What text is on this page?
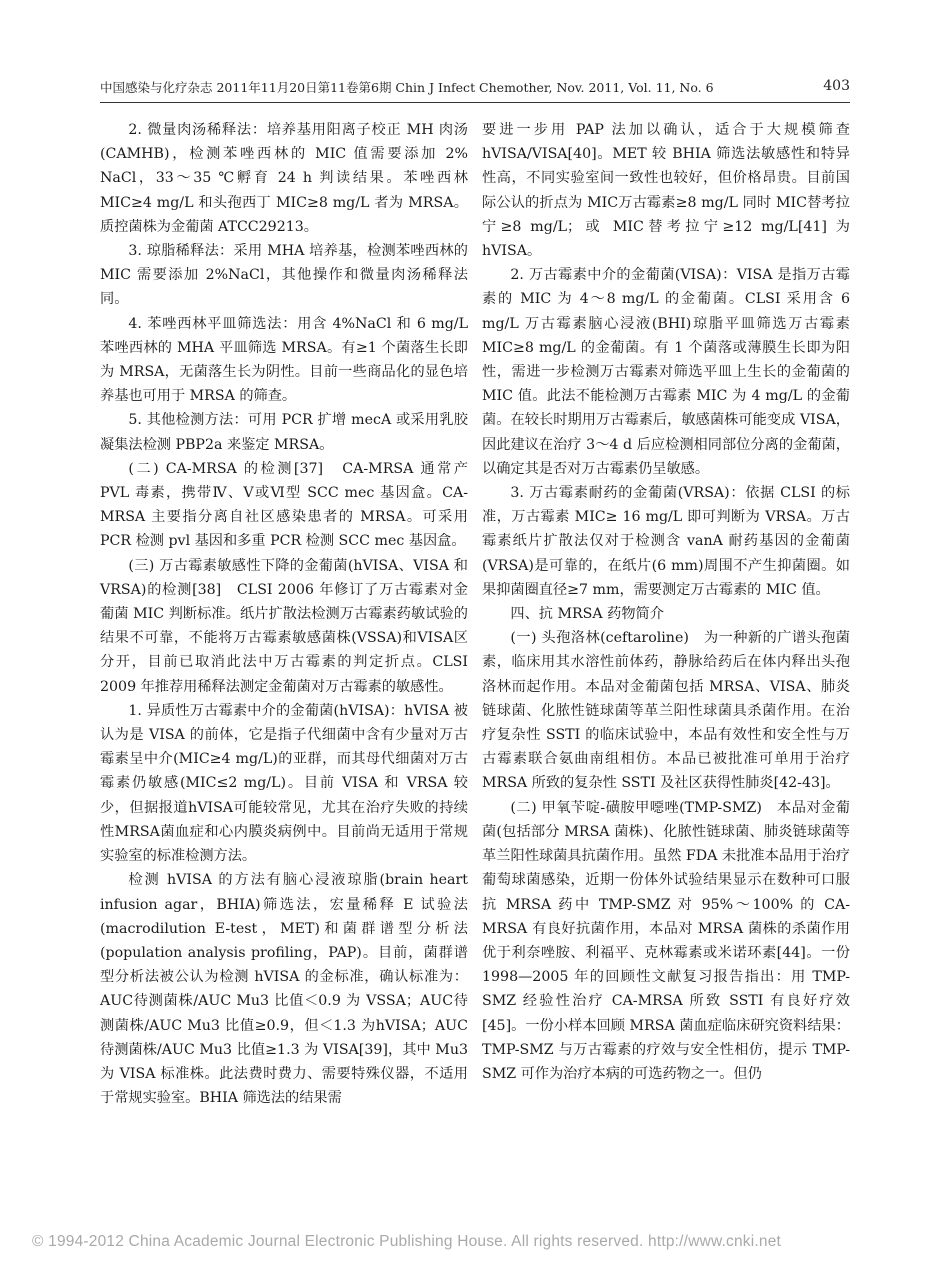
中国感染与化疗杂志 2011年11月20日第11卷第6期 Chin J Infect Chemother, Nov. 2011, Vol. 11, No. 6	403

2. 微量肉汤稀释法：培养基用阳离子校正 MH 肉汤(CAMHB)，检测苯唑西林的 MIC 值需要添加 2% NaCl，33～35 ℃孵育 24 h 判读结果。苯唑西林 MIC≥4 mg/L 和头孢西丁 MIC≥8 mg/L 者为 MRSA。质控菌株为金葡菌 ATCC29213。

3. 琼脂稀释法：采用 MHA 培养基，检测苯唑西林的 MIC 需要添加 2%NaCl，其他操作和微量肉汤稀释法同。

4. 苯唑西林平皿筛选法：用含 4%NaCl 和 6 mg/L 苯唑西林的 MHA 平皿筛选 MRSA。有≥1 个菌落生长即为 MRSA，无菌落生长为阴性。目前一些商品化的显色培养基也可用于 MRSA 的筛查。

5. 其他检测方法：可用 PCR 扩增 mecA 或采用乳胶凝集法检测 PBP2a 来鉴定 MRSA。

(二) CA-MRSA 的检测[37]　CA-MRSA 通常产 PVL 毒素，携带Ⅳ、Ⅴ或Ⅵ型 SCC mec 基因盒。CA-MRSA 主要指分离自社区感染患者的 MRSA。可采用 PCR 检测 pvl 基因和多重 PCR 检测 SCC mec 基因盒。

(三) 万古霉素敏感性下降的金葡菌(hVISA、VISA 和 VRSA)的检测[38]　CLSI 2006 年修订了万古霉素对金葡菌 MIC 判断标准。纸片扩散法检测万古霉素药敏试验的结果不可靠，不能将万古霉素敏感菌株(VSSA)和VISA区分开，目前已取消此法中万古霉素的判定折点。CLSI 2009 年推荐用稀释法测定金葡菌对万古霉素的敏感性。

1. 异质性万古霉素中介的金葡菌(hVISA)：hVISA 被认为是 VISA 的前体，它是指子代细菌中含有少量对万古霉素呈中介(MIC≥4 mg/L)的亚群，而其母代细菌对万古霉素仍敏感(MIC≤2 mg/L)。目前 VISA 和 VRSA 较少，但据报道hVISA可能较常见，尤其在治疗失败的持续性MRSA菌血症和心内膜炎病例中。目前尚无适用于常规实验室的标准检测方法。

检测 hVISA 的方法有脑心浸液琼脂(brain heart infusion agar，BHIA)筛选法，宏量稀释 E 试验法(macrodilution E-test，MET)和菌群谱型分析法(population analysis profiling，PAP)。目前，菌群谱型分析法被公认为检测 hVISA 的金标准，确认标准为：AUC待测菌株/AUC Mu3 比值＜0.9 为 VSSA；AUC待测菌株/AUC Mu3 比值≥0.9，但＜1.3 为hVISA；AUC待测菌株/AUC Mu3 比值≥1.3 为 VISA[39]，其中 Mu3 为 VISA 标准株。此法费时费力、需要特殊仪器，不适用于常规实验室。BHIA 筛选法的结果需

要进一步用 PAP 法加以确认，适合于大规模筛查 hVISA/VISA[40]。MET 较 BHIA 筛选法敏感性和特异性高，不同实验室间一致性也较好，但价格昂贵。目前国际公认的折点为 MIC万古霉素≥8 mg/L 同时 MIC替考拉宁≥8 mg/L；或 MIC替考拉宁≥12 mg/L[41] 为 hVISA。

2. 万古霉素中介的金葡菌(VISA)：VISA 是指万古霉素的 MIC 为 4～8 mg/L 的金葡菌。CLSI 采用含 6 mg/L 万古霉素脑心浸液(BHI)琼脂平皿筛选万古霉素 MIC≥8 mg/L 的金葡菌。有 1 个菌落或薄膜生长即为阳性，需进一步检测万古霉素对筛选平皿上生长的金葡菌的 MIC 值。此法不能检测万古霉素 MIC 为 4 mg/L 的金葡菌。在较长时期用万古霉素后，敏感菌株可能变成 VISA，因此建议在治疗 3～4 d 后应检测相同部位分离的金葡菌，以确定其是否对万古霉素仍呈敏感。

3. 万古霉素耐药的金葡菌(VRSA)：依据 CLSI 的标准，万古霉素 MIC≥ 16 mg/L 即可判断为 VRSA。万古霉素纸片扩散法仅对于检测含 vanA 耐药基因的金葡菌(VRSA)是可靠的，在纸片(6 mm)周围不产生抑菌圈。如果抑菌圈直径≥7 mm，需要测定万古霉素的 MIC 值。

四、抗 MRSA 药物简介

(一) 头孢洛林(ceftaroline)　为一种新的广谱头孢菌素，临床用其水溶性前体药，静脉给药后在体内释出头孢洛林而起作用。本品对金葡菌包括 MRSA、VISA、肺炎链球菌、化脓性链球菌等革兰阳性球菌具杀菌作用。在治疗复杂性 SSTI 的临床试验中，本品有效性和安全性与万古霉素联合氨曲南组相仿。本品已被批准可单用于治疗 MRSA 所致的复杂性 SSTI 及社区获得性肺炎[42-43]。

(二) 甲氧苄啶-磺胺甲噁唑(TMP-SMZ)　本品对金葡菌(包括部分 MRSA 菌株)、化脓性链球菌、肺炎链球菌等革兰阳性球菌具抗菌作用。虽然 FDA 未批准本品用于治疗葡萄球菌感染，近期一份体外试验结果显示在数种可口服抗 MRSA 药中 TMP-SMZ 对 95%～100% 的 CA-MRSA 有良好抗菌作用，本品对 MRSA 菌株的杀菌作用优于利奈唑胺、利福平、克林霉素或米诺环素[44]。一份 1998—2005 年的回顾性文献复习报告指出：用 TMP-SMZ 经验性治疗 CA-MRSA 所致 SSTI 有良好疗效[45]。一份小样本回顾 MRSA 菌血症临床研究资料结果：TMP-SMZ 与万古霉素的疗效与安全性相仿，提示 TMP-SMZ 可作为治疗本病的可选药物之一。但仍

© 1994-2012 China Academic Journal Electronic Publishing House. All rights reserved. http://www.cnki.net
